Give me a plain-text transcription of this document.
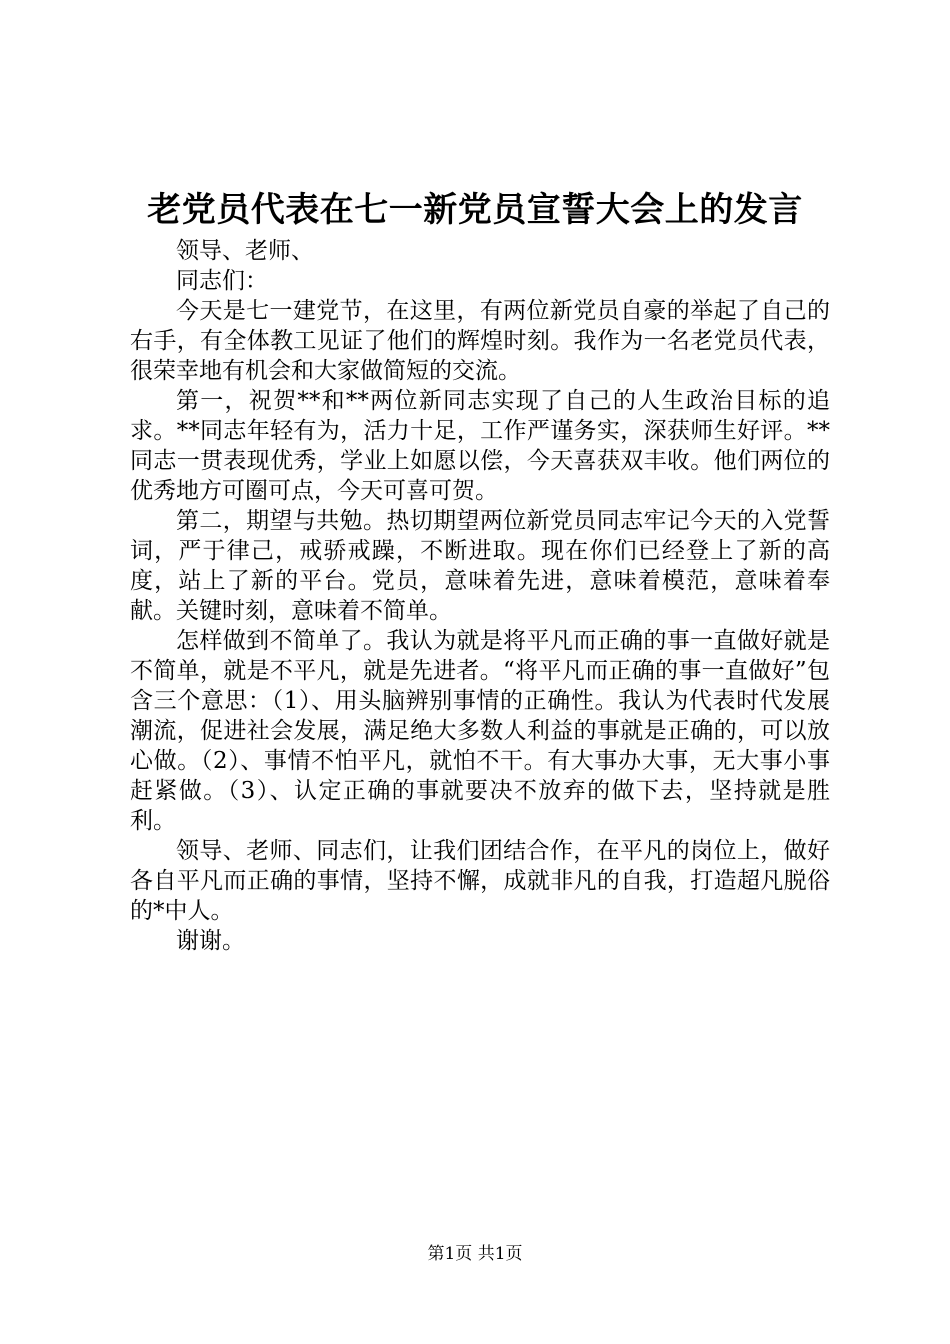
老党员代表在七一新党员宣誓大会上的发言

领导、老师、

同志们：

今天是七一建党节，在这里，有两位新党员自豪的举起了自己的右手，有全体教工见证了他们的辉煌时刻。我作为一名老党员代表，很荣幸地有机会和大家做简短的交流。

第一，祝贺**和**两位新同志实现了自己的人生政治目标的追求。**同志年轻有为，活力十足，工作严谨务实，深获师生好评。**同志一贯表现优秀，学业上如愿以偿，今天喜获双丰收。他们两位的优秀地方可圈可点，今天可喜可贺。

第二，期望与共勉。热切期望两位新党员同志牢记今天的入党誓词，严于律己，戒骄戒躁，不断进取。现在你们已经登上了新的高度，站上了新的平台。党员，意味着先进，意味着模范，意味着奉献。关键时刻，意味着不简单。

怎样做到不简单了。我认为就是将平凡而正确的事一直做好就是不简单，就是不平凡，就是先进者。“将平凡而正确的事一直做好”包含三个意思：（1）、用头脑辨别事情的正确性。我认为代表时代发展潮流，促进社会发展，满足绝大多数人利益的事就是正确的，可以放心做。（2）、事情不怕平凡，就怕不干。有大事办大事，无大事小事赶紧做。（3）、认定正确的事就要决不放弃的做下去，坚持就是胜利。

领导、老师、同志们，让我们团结合作，在平凡的岗位上，做好各自平凡而正确的事情，坚持不懈，成就非凡的自我，打造超凡脱俗的*中人。

谢谢。

第1页 共1页
